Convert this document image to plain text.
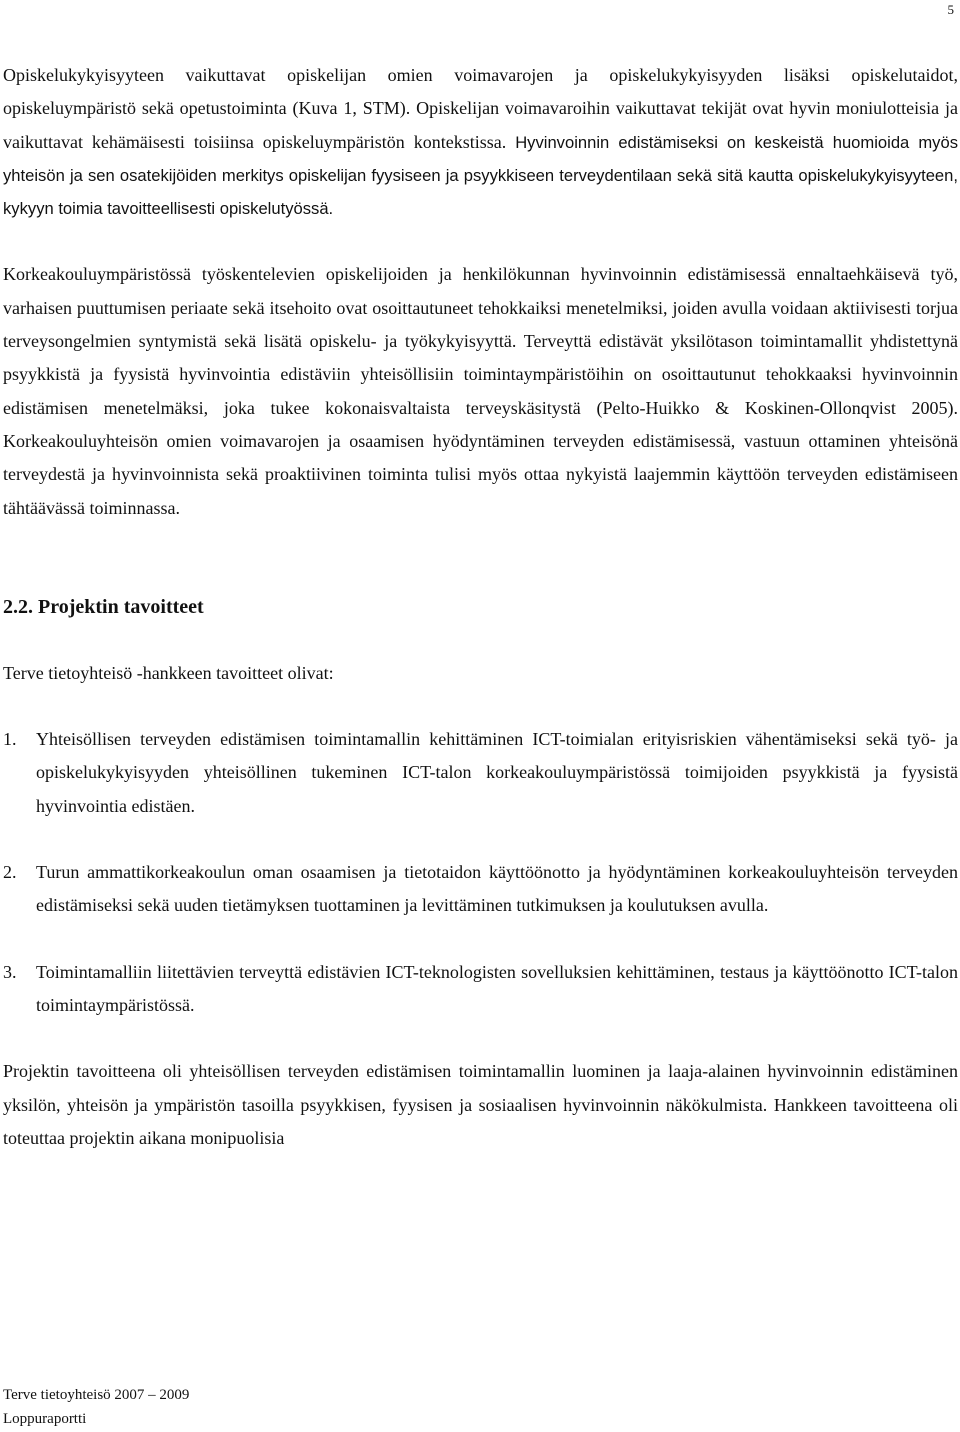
5

Opiskelukykyisyyteen vaikuttavat opiskelijan omien voimavarojen ja opiskelukykyisyyden lisäksi opiskelutaidot, opiskeluympäristö sekä opetustoiminta (Kuva 1, STM). Opiskelijan voimavaroihin vaikuttavat tekijät ovat hyvin moniulotteisia ja vaikuttavat kehämäisesti toisiinsa opiskeluympäristön kontekstissa. Hyvinvoinnin edistämiseksi on keskeistä huomioida myös yhteisön ja sen osatekijöiden merkitys opiskelijan fyysiseen ja psyykkiseen terveydentilaan sekä sitä kautta opiskelukykyisyyteen, kykyyn toimia tavoitteellisesti opiskelutyössä.

Korkeakouluympäristössä työskentelevien opiskelijoiden ja henkilökunnan hyvinvoinnin edistämisessä ennaltaehkäisevä työ, varhaisen puuttumisen periaate sekä itsehoito ovat osoittautuneet tehokkaiksi menetelmiksi, joiden avulla voidaan aktiivisesti torjua terveysongelmien syntymistä sekä lisätä opiskelu- ja työkykyisyyttä. Terveyttä edistävät yksilötason toimintamallit yhdistettynä psyykkistä ja fyysistä hyvinvointia edistäviin yhteisöllisiin toimintaympäristöihin on osoittautunut tehokkaaksi hyvinvoinnin edistämisen menetelmäksi, joka tukee kokonaisvaltaista terveyskäsitystä (Pelto-Huikko & Koskinen-Ollonqvist 2005). Korkeakouluyhteisön omien voimavarojen ja osaamisen hyödyntäminen terveyden edistämisessä, vastuun ottaminen yhteisönä terveydestä ja hyvinvoinnista sekä proaktiivinen toiminta tulisi myös ottaa nykyistä laajemmin käyttöön terveyden edistämiseen tähtäävässä toiminnassa.

2.2. Projektin tavoitteet

Terve tietoyhteisö -hankkeen tavoitteet olivat:

1.	Yhteisöllisen terveyden edistämisen toimintamallin kehittäminen ICT-toimialan erityisriskien vähentämiseksi sekä työ- ja opiskelukykyisyyden yhteisöllinen tukeminen ICT-talon korkeakouluympäristössä toimijoiden psyykkistä ja fyysistä hyvinvointia edistäen.
2.	Turun ammattikorkeakoulun oman osaamisen ja tietotaidon käyttöönotto ja hyödyntäminen korkeakouluyhteisön terveyden edistämiseksi sekä uuden tietämyksen tuottaminen ja levittäminen tutkimuksen ja koulutuksen avulla.
3.	Toimintamalliin liitettävien terveyttä edistävien ICT-teknologisten sovelluksien kehittäminen, testaus ja käyttöönotto ICT-talon toimintaympäristössä.

Projektin tavoitteena oli yhteisöllisen terveyden edistämisen toimintamallin luominen ja laaja-alainen hyvinvoinnin edistäminen yksilön, yhteisön ja ympäristön tasoilla psyykkisen, fyysisen ja sosiaalisen hyvinvoinnin näkökulmista. Hankkeen tavoitteena oli toteuttaa projektin aikana monipuolisia

Terve tietoyhteisö 2007 – 2009
Loppuraportti
